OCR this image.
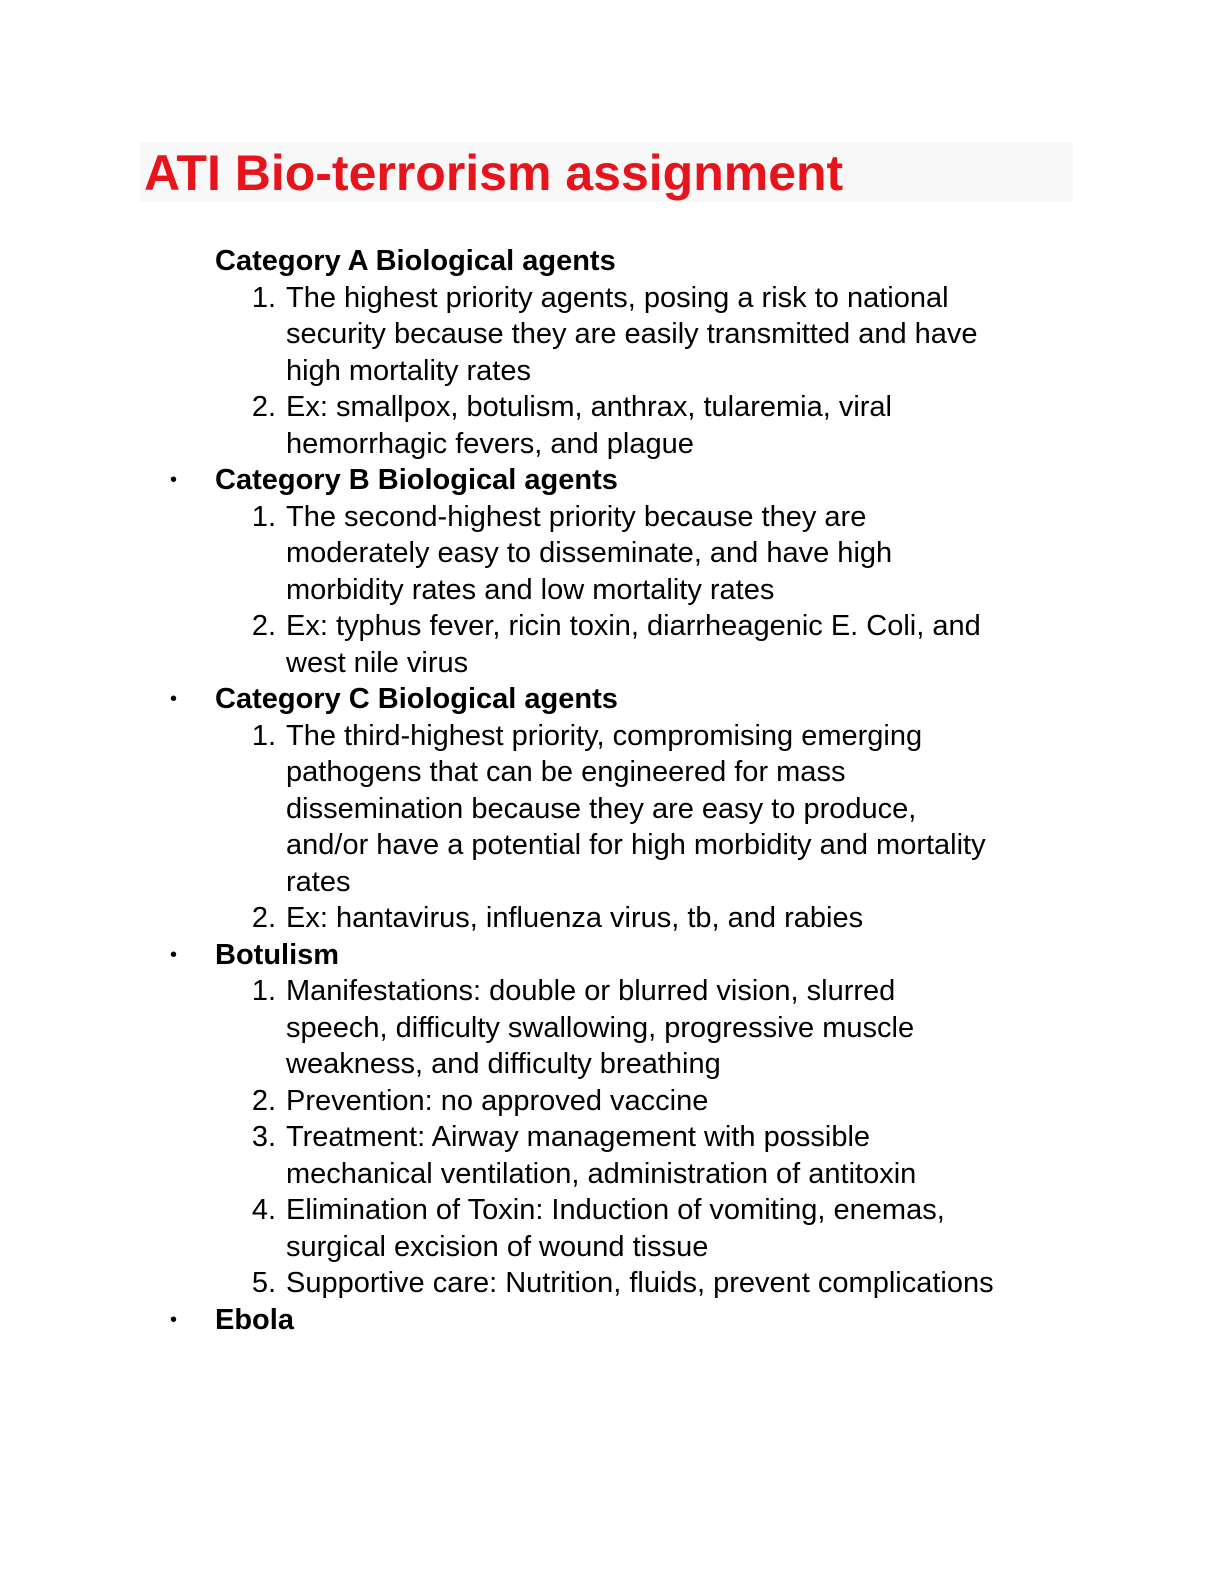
ATI Bio-terrorism assignment

Category A Biological agents

1. The highest priority agents, posing a risk to national
security because they are easily transmitted and have
high mortality rates
2. Ex: smallpox, botulism, anthrax, tularemia, viral
hemorrhagic fevers, and plague
•	Category B Biological agents

1. The second-highest priority because they are
moderately easy to disseminate, and have high
morbidity rates and low mortality rates
2. Ex: typhus fever, ricin toxin, diarrheagenic E. Coli, and
west nile virus
•	Category C Biological agents

1. The third-highest priority, compromising emerging
pathogens that can be engineered for mass
dissemination because they are easy to produce,
and/or have a potential for high morbidity and mortality
rates
2. Ex: hantavirus, influenza virus, tb, and rabies
•	Botulism

1. Manifestations: double or blurred vision, slurred
speech, difficulty swallowing, progressive muscle
weakness, and difficulty breathing
2. Prevention: no approved vaccine
3. Treatment: Airway management with possible
mechanical ventilation, administration of antitoxin
4. Elimination of Toxin: Induction of vomiting, enemas,
surgical excision of wound tissue
5. Supportive care: Nutrition, fluids, prevent complications
•	Ebola
